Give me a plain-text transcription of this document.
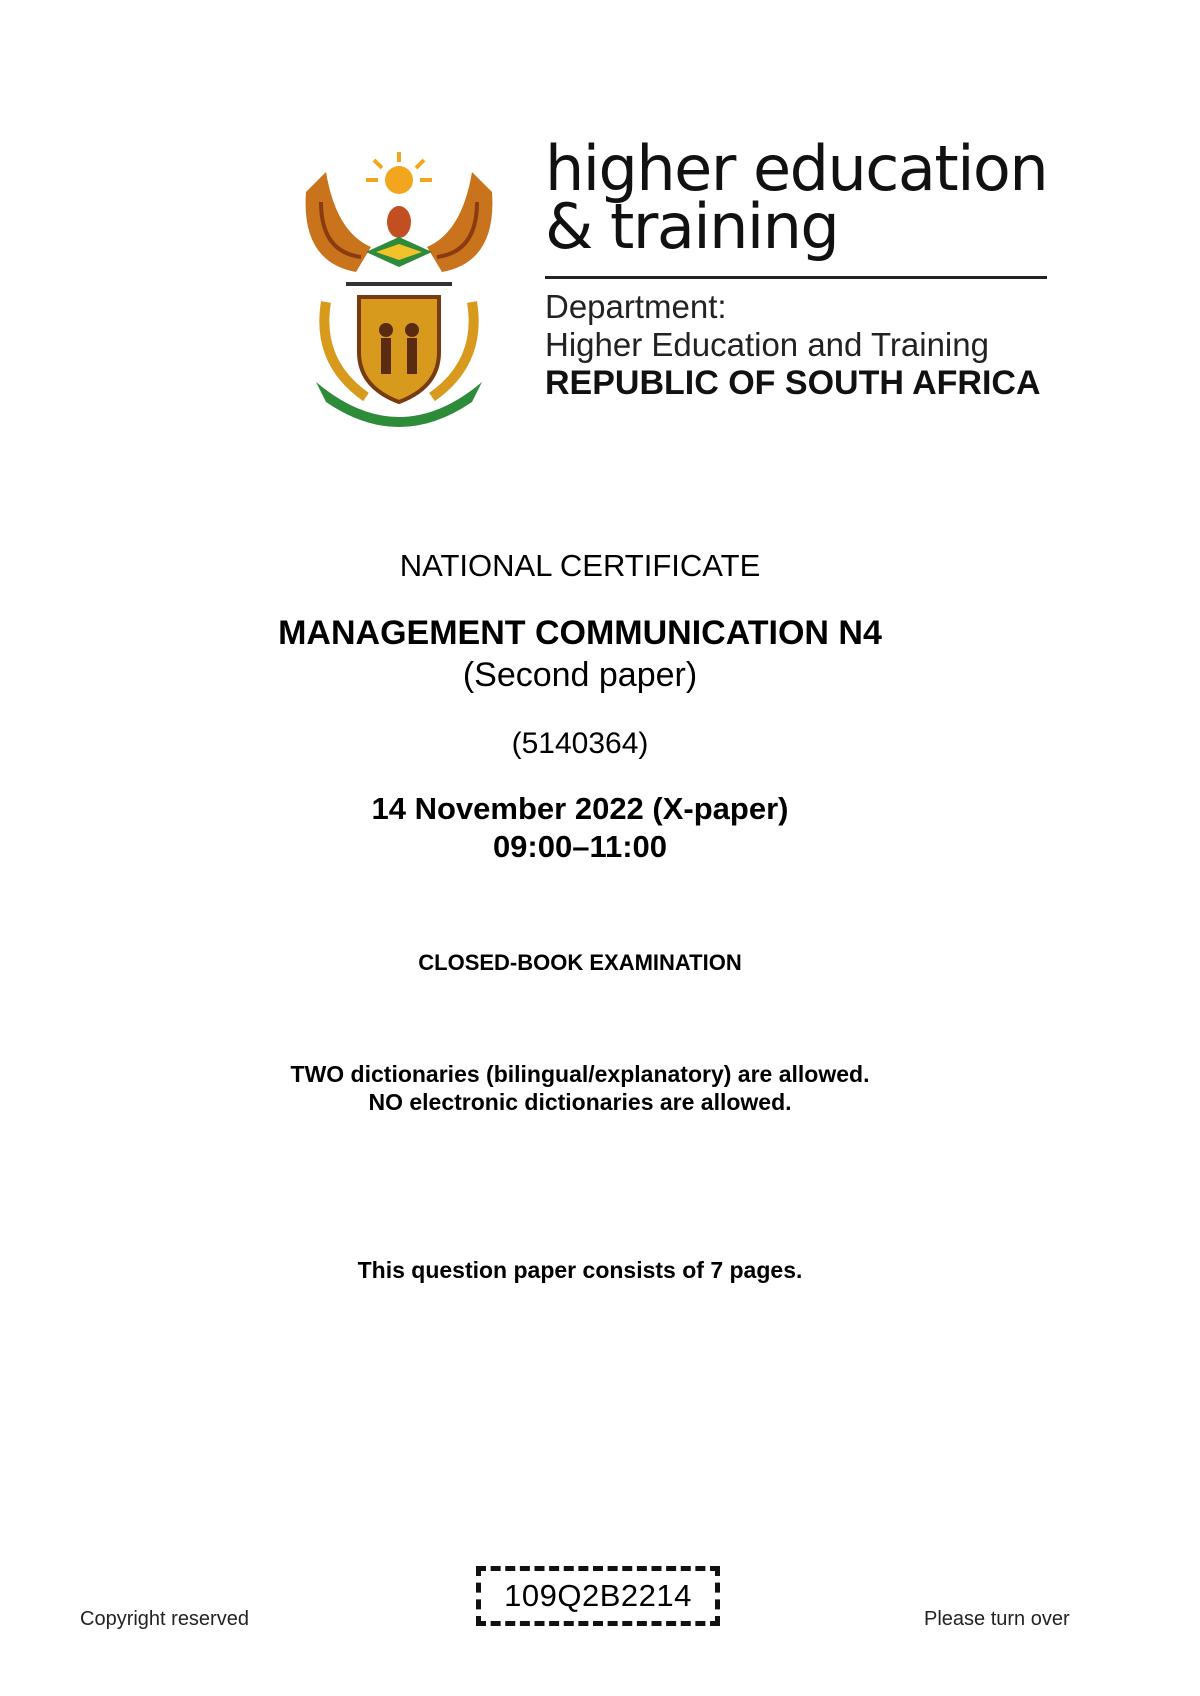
higher education
& training
Department:
Higher Education and Training
REPUBLIC OF SOUTH AFRICA
NATIONAL CERTIFICATE
MANAGEMENT COMMUNICATION N4
(Second paper)
(5140364)
14 November 2022 (X-paper)
09:00–11:00
CLOSED-BOOK EXAMINATION
TWO dictionaries (bilingual/explanatory) are allowed.
NO electronic dictionaries are allowed.
This question paper consists of 7 pages.
Copyright reserved
109Q2B2214
Please turn over
